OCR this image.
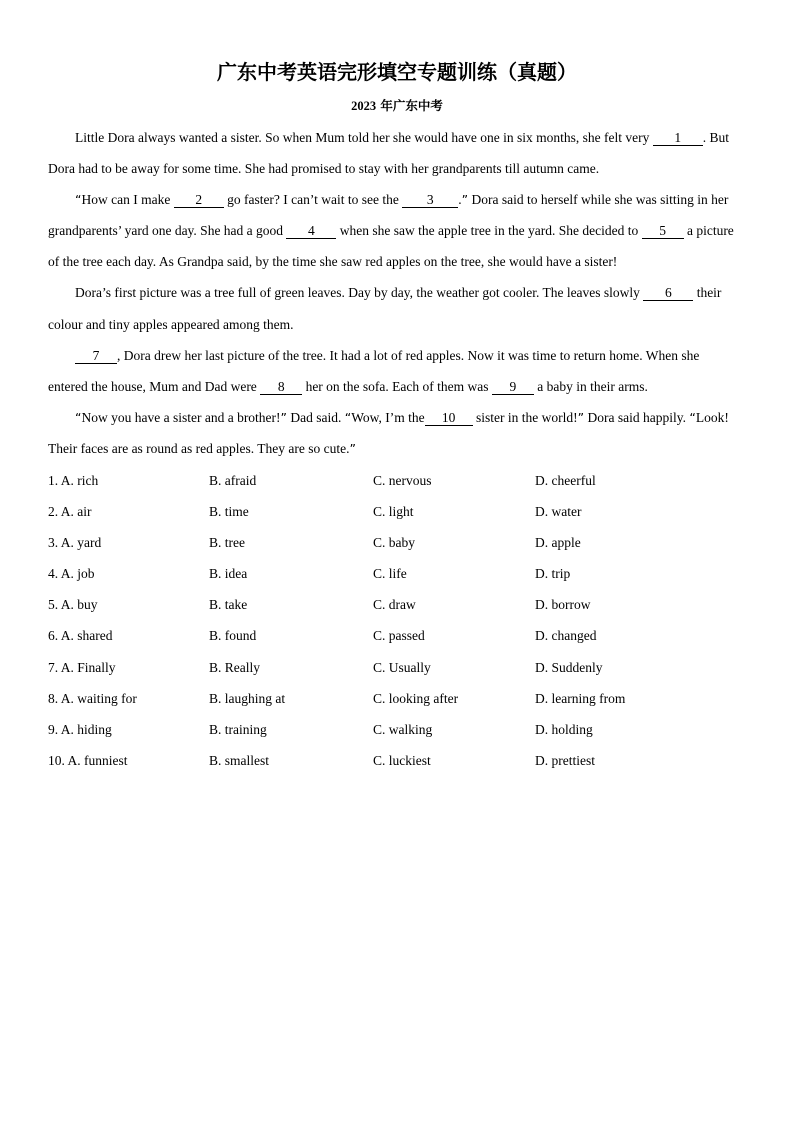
广东中考英语完形填空专题训练（真题）
2023 年广东中考

Little Dora always wanted a sister. So when Mum told her she would have one in six months, she felt very 1 . But Dora had to be away for some time. She had promised to stay with her grandparents till autumn came.

“How can I make 2 go faster? I can’t wait to see the 3 .” Dora said to herself while she was sitting in her grandparents’ yard one day. She had a good 4 when she saw the apple tree in the yard. She decided to 5 a picture of the tree each day. As Grandpa said, by the time she saw red apples on the tree, she would have a sister!

Dora’s first picture was a tree full of green leaves. Day by day, the weather got cooler. The leaves slowly 6 their colour and tiny apples appeared among them.

7 , Dora drew her last picture of the tree. It had a lot of red apples. Now it was time to return home. When she entered the house, Mum and Dad were 8 her on the sofa. Each of them was 9 a baby in their arms.

“Now you have a sister and a brother!” Dad said. “Wow, I’m the 10 sister in the world!” Dora said happily. “Look! Their faces are as round as red apples. They are so cute.”

1. A. rich	B. afraid	C. nervous	D. cheerful
2. A. air	B. time	C. light	D. water
3. A. yard	B. tree	C. baby	D. apple
4. A. job	B. idea	C. life	D. trip
5. A. buy	B. take	C. draw	D. borrow
6. A. shared	B. found	C. passed	D. changed
7. A. Finally	B. Really	C. Usually	D. Suddenly
8. A. waiting for	B. laughing at	C. looking after	D. learning from
9. A. hiding	B. training	C. walking	D. holding
10. A. funniest	B. smallest	C. luckiest	D. prettiest
